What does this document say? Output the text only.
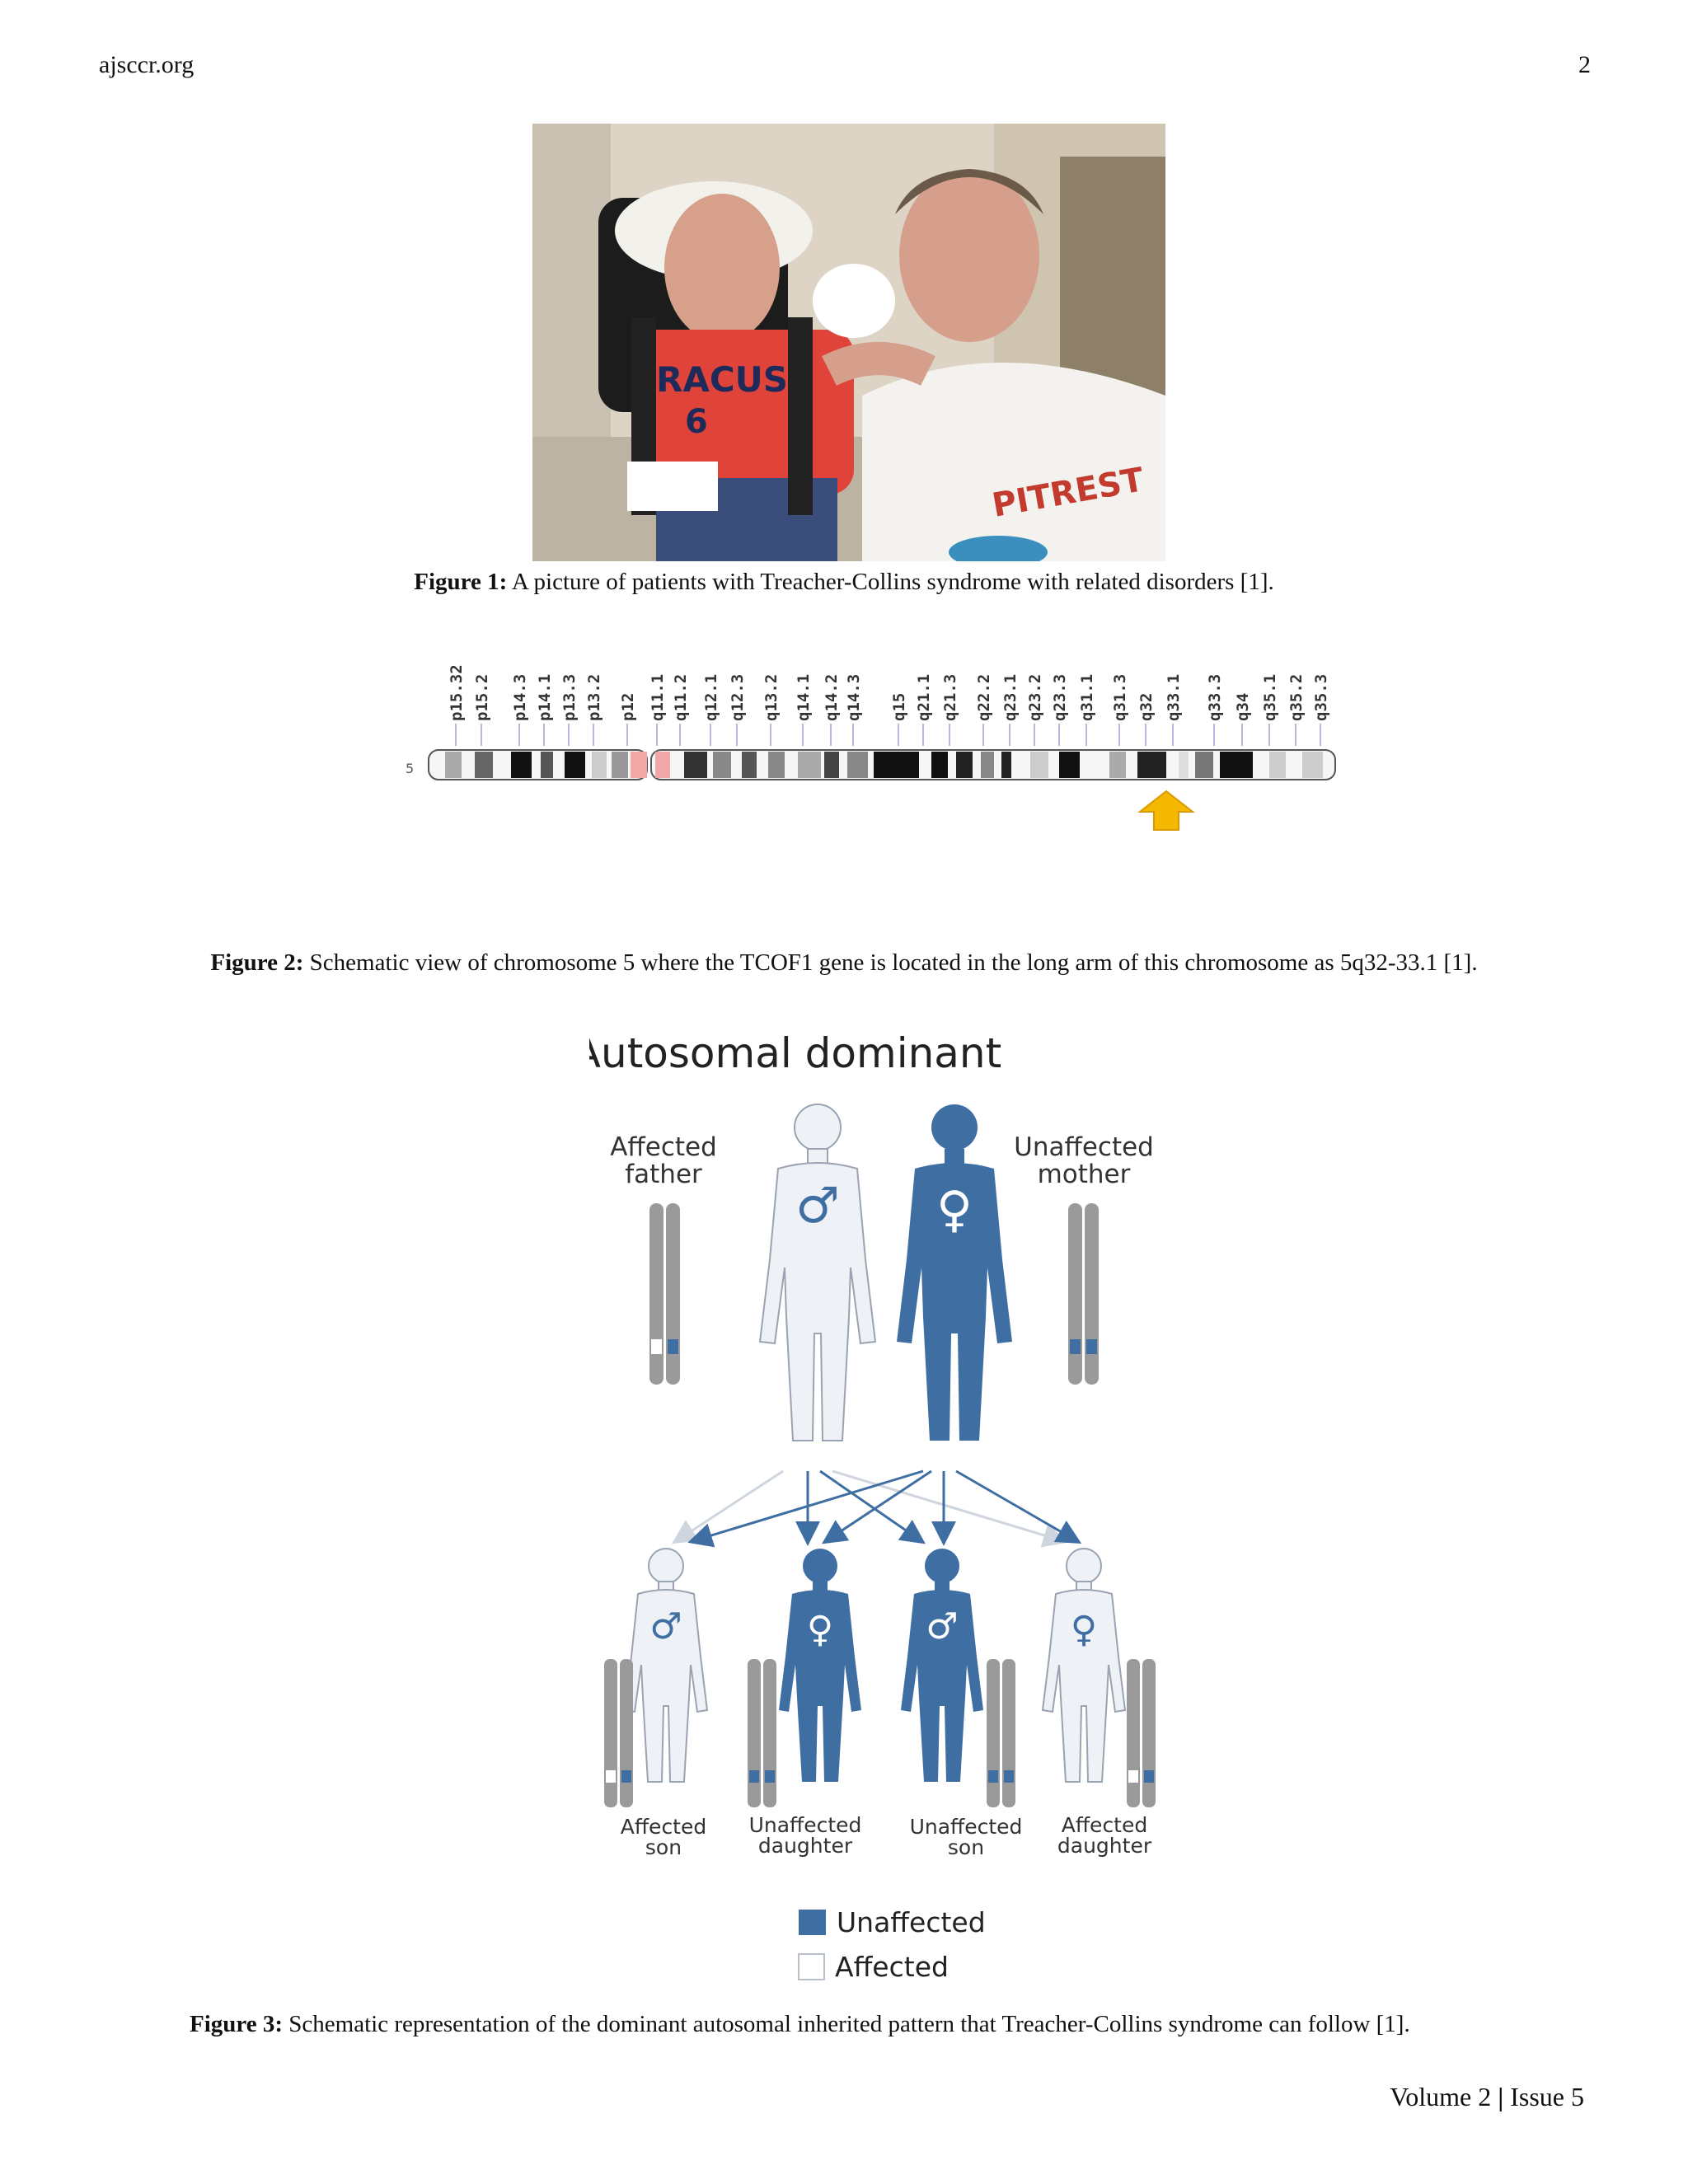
ajsccr.org	2
RACUS
6
PITREST
Figure 1: A picture of patients with Treacher-Collins syndrome with related disorders [1].
5
p15.32 p15.2 p14.3 p14.1 p13.3 p13.2 p12 q11.1 q11.2 q12.1 q12.3 q13.2 q14.1 q14.2 q14.3 q15 q21.1 q21.3 q22.2 q23.1 q23.2 q23.3 q31.1 q31.3 q32 q33.1 q33.3 q34 q35.1 q35.2 q35.3
Figure 2: Schematic view of chromosome 5 where the TCOF1 gene is located in the long arm of this chromosome as 5q32-33.1 [1].
Autosomal dominant
Affected
father
Unaffected
mother
♂ ♀
♂	♀	♂	♀
Affected
son
Unaffected
daughter
Unaffected
son
Affected
daughter
Unaffected
Affected
Figure 3: Schematic representation of the dominant autosomal inherited pattern that Treacher-Collins syndrome can follow [1].
Volume 2 | Issue 5
